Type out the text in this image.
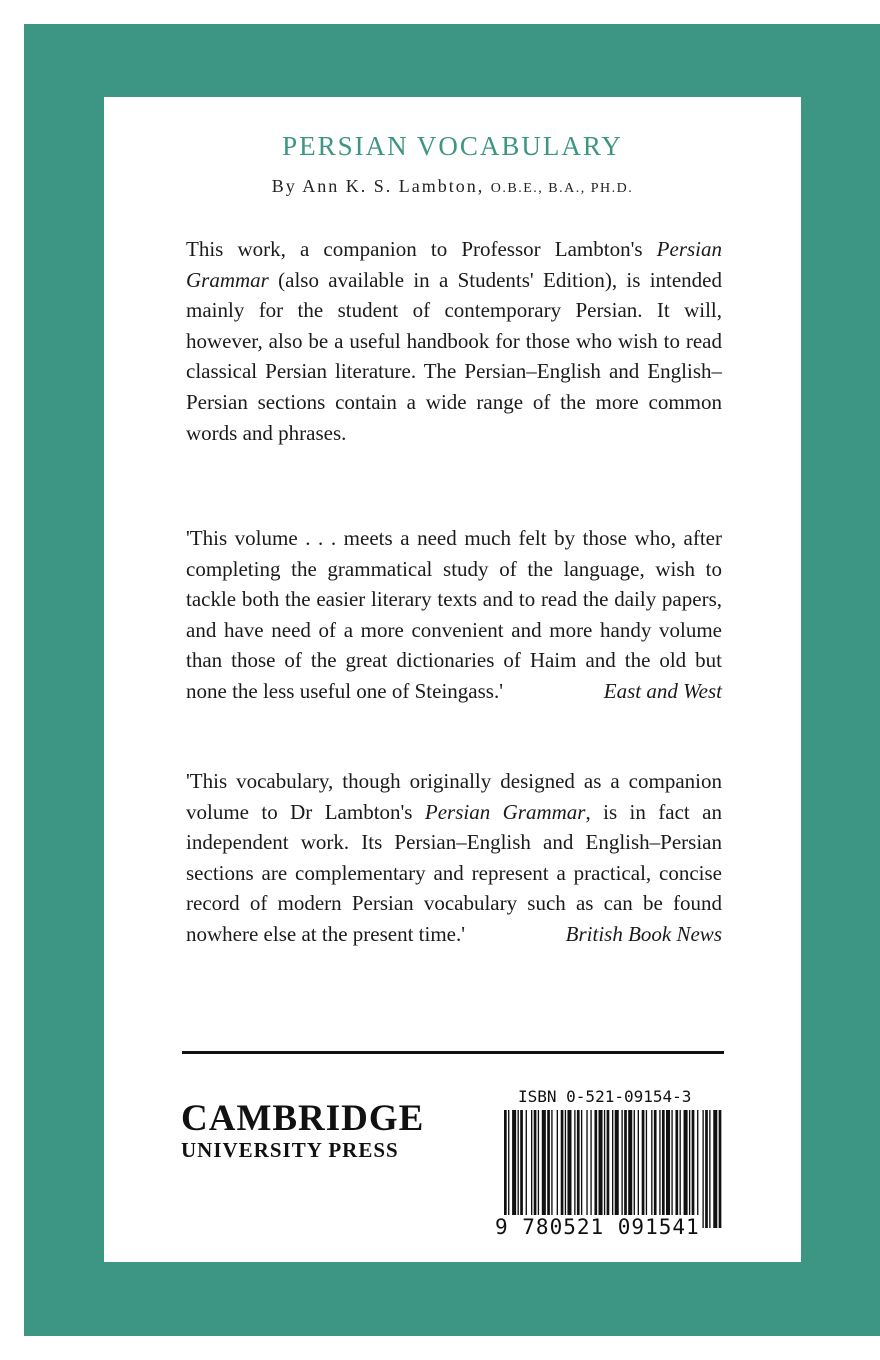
PERSIAN VOCABULARY
By Ann K. S. Lambton, O.B.E., B.A., PH.D.

This work, a companion to Professor Lambton's Persian Grammar (also available in a Students' Edition), is intended mainly for the student of contemporary Persian. It will, however, also be a useful handbook for those who wish to read classical Persian literature. The Persian–English and English–Persian sections contain a wide range of the more common words and phrases.

'This volume . . . meets a need much felt by those who, after completing the grammatical study of the language, wish to tackle both the easier literary texts and to read the daily papers, and have need of a more convenient and more handy volume than those of the great dictionaries of Haim and the old but none the less useful one of Steingass.'	East and West

'This vocabulary, though originally designed as a companion volume to Dr Lambton's Persian Grammar, is in fact an independent work. Its Persian–English and English–Persian sections are complementary and represent a practical, concise record of modern Persian vocabulary such as can be found nowhere else at the present time.'	British Book News

CAMBRIDGE
UNIVERSITY PRESS
ISBN 0-521-09154-3
9 780521 091541
